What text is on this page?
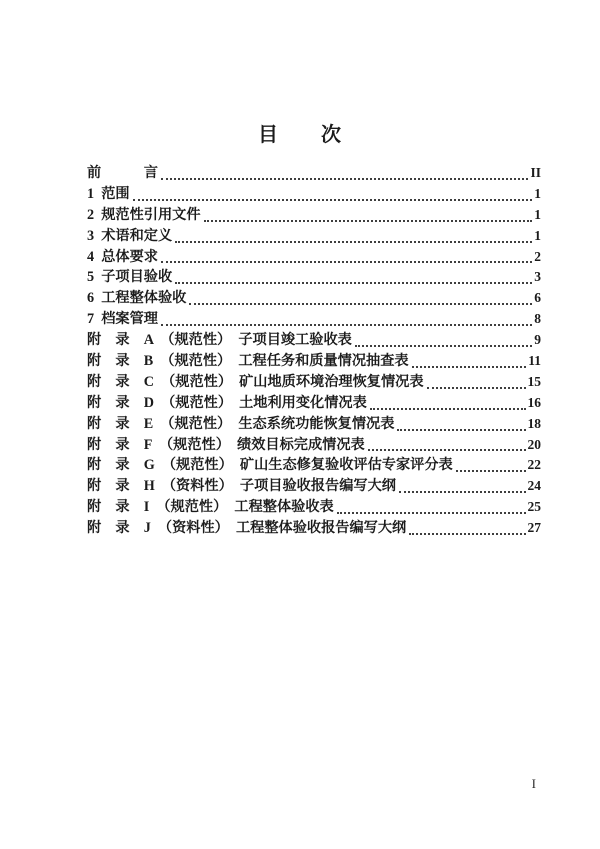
目　　次
前　　　言	II
1  范围	1
2  规范性引用文件	1
3  术语和定义	1
4  总体要求	2
5  子项目验收	3
6  工程整体验收	6
7  档案管理	8
附　录　A　（规范性）　子项目竣工验收表	9
附　录　B　（规范性）　工程任务和质量情况抽查表	11
附　录　C　（规范性）　矿山地质环境治理恢复情况表	15
附　录　D　（规范性）　土地利用变化情况表	16
附　录　E　（规范性）　生态系统功能恢复情况表	18
附　录　F　（规范性）　绩效目标完成情况表	20
附　录　G　（规范性）　矿山生态修复验收评估专家评分表	22
附　录　H　（资料性）　子项目验收报告编写大纲	24
附　录　I　（规范性）　工程整体验收表	25
附　录　J　（资料性）　工程整体验收报告编写大纲	27
I
